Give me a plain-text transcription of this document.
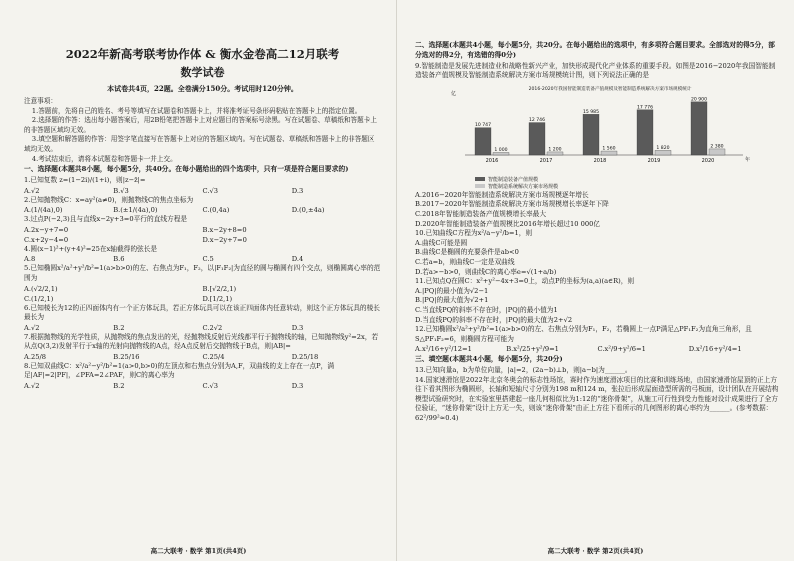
2022年新高考联考协作体 & 衡水金卷高二12月联考
数学试卷
本试卷共4页，22题。全卷满分150分。考试用时120分钟。

注意事项：

1.答题前，先将自己的姓名、考号等填写在试题卷和答题卡上，并将准考证号条形码粘贴在答题卡上的指定位置。

2.选择题的作答：选出每小题答案后，用2B铅笔把答题卡上对应题目的答案标号涂黑。写在试题卷、草稿纸和答题卡上的非答题区域均无效。

3.填空题和解答题的作答：用签字笔直接写在答题卡上对应的答题区域内。写在试题卷、草稿纸和答题卡上的非答题区域均无效。

4.考试结束后，请将本试题卷和答题卡一并上交。

一、选择题(本题共8小题，每小题5分，共40分。在每小题给出的四个选项中，只有一项是符合题目要求的)
1.已知复数 z=(1−2i)/(1+i)，则|z−z̄|=
A.√2	B.√3	C.√3	D.3
2.已知抛物线C：x=ay²(a≠0)，则抛物线C的焦点坐标为
A.(1/(4a),0)	B.(±1/(4a),0)	C.(0,4a)	D.(0,±4a)
3.过点P(−2,3)且与直线x−2y+3=0平行的直线方程是
A.2x−y+7=0	B.x−2y+8=0
C.x+2y−4=0	D.x−2y+7=0
4.圆(x−1)²+(y+4)²=25在x轴截得的弦长是
A.8	B.6	C.5	D.4
5.已知椭圆x²/a²+y²/b²=1(a>b>0)的左、右焦点为F₁，F₂，以|F₁F₂|为直径的圆与椭圆有四个交点，则椭圆离心率的范围为
A.(√2/2,1)	B.[√2/2,1)
C.(1/2,1)	D.[1/2,1)
6.已知棱长为12的正四面体内有一个正方体玩具，若正方体玩具可以在该正四面体内任意转动，则这个正方体玩具的棱长最长为
A.√2	B.2	C.2√2	D.3
7.根据抛物线的光学性质，从抛物线的焦点发出的光，经抛物线反射后光线都平行于抛物线的轴，已知抛物线y²=2x，若从点Q(3,2)发射平行于x轴的光射向抛物线的A点，经A点反射后交抛物线于B点，则|AB|=
A.25/8	B.25/16	C.25/4	D.25/18
8.已知双曲线C：x²/a²−y²/b²=1(a>0,b>0)的左顶点和右焦点分别为A,F，双曲线的支上存在一点P，满足|AF|=2|PF|，∠PFA=2∠PAF，则C的离心率为
A.√2	B.2	C.√3	D.3
高二大联考 · 数学 第1页(共4页)
二、选择题(本题共4小题，每小题5分，共20分。在每小题给出的选项中，有多项符合题目要求。全部选对的得5分，部分选对的得2分，有选错的得0分)
9.智能制造是发展先进制造业和战略性新兴产业，加快形成现代化产业体系的重要手段。如图是2016−2020年我国智能制造装备产值规模及智能制造系统解决方案市场规模统计图，则下列说法正确的是
2016-2020年我国智能制造装备产值规模及智能制造系统解决方案市场规模统计
亿
年
10 747
1 000
2016
12 746
1 200
2017
15 985
1 560
2018
17 776
1 820
2019
20 900
2 380
2020
智能制造装备产值规模
智能制造系统解决方案市场规模
A.2016−2020年智能制造系统解决方案市场规模逐年增长
B.2017−2020年智能制造系统解决方案市场规模增长率逐年下降
C.2018年智能制造装备产值规模增长率最大
D.2020年智能制造装备产值规模比2016年增长超过10 000亿
10.已知曲线C方程为x²/a−y²/b=1，则
A.曲线C可能是圆
B.曲线C是椭圆的充要条件是ab<0
C.若a=b，则曲线C一定是双曲线
D.若a>−b>0，则曲线C的离心率e=√(1+a/b)
11.已知点Q在圆C：x²+y²−4x+3=0上，动点P的坐标为(a,a)(a∈R)，则
A.|PQ|的最小值为√2−1
B.|PQ|的最大值为√2+1
C.当直线PQ的斜率不存在时，|PQ|的最小值为1
D.当直线PQ的斜率不存在时，|PQ|的最大值为2+√2
12.已知椭圆x²/a²+y²/b²=1(a>b>0)的左、右焦点分别为F₁，F₂，若椭圆上一点P满足△PF₁F₂为直角三角形，且S△PF₁F₂=6，则椭圆方程可能为
A.x²/16+y²/12=1	B.x²/25+y²/9=1	C.x²/9+y²/6=1	D.x²/16+y²/4=1
三、填空题(本题共4小题，每小题5分，共20分)
13.已知向量a，b为单位向量，|a|=2，(2a−b)⊥b，则|a−b|为______。
14.国家速滑馆是2022年北京冬奥会的标志性场馆，赛时作为速度滑冰项目的比赛和训练场地，由国家速滑馆屋顶的正上方往下看其图形为椭圆形，长轴和短轴尺寸分别为198 m和124 m，张拉后形成屋面造型所需的弓板面，设计团队在开展结构模型试验研究时，在实验室里搭建起一座几何相似比为1:12的“迷你骨架”，从施工可行性到受力性能对设计成果进行了全方位验证，“迷你骨架”设计上方无一失，则该“迷你骨架”由正上方往下看所示的几何图形的离心率约为______。(参考数据：62²/99²≈0.4)
高二大联考 · 数学 第2页(共4页)
